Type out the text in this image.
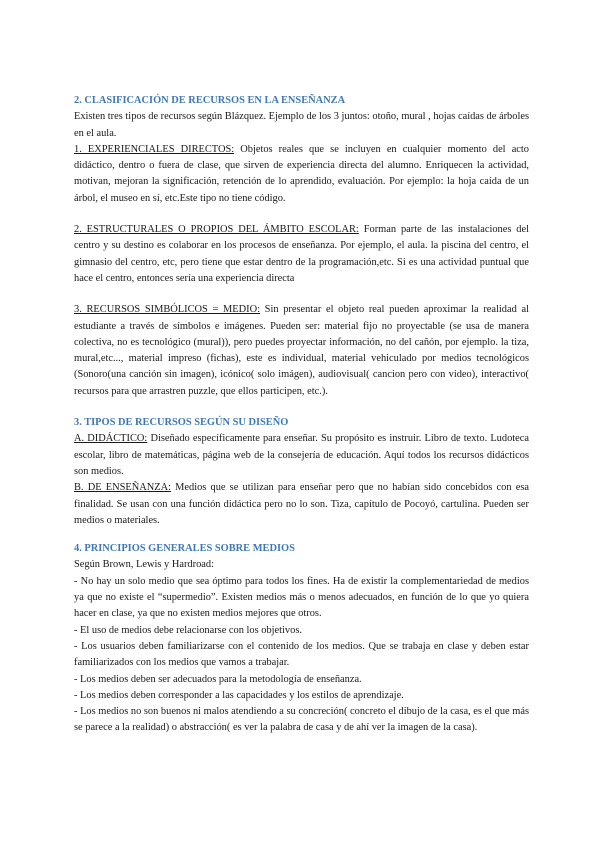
2. CLASIFICACIÓN DE RECURSOS EN LA ENSEÑANZA

Existen tres tipos de recursos según Blázquez. Ejemplo de los 3 juntos: otoño, mural , hojas caídas de árboles en el aula.

1. EXPERIENCIALES DIRECTOS: Objetos reales que se incluyen en cualquier momento del acto didáctico, dentro o fuera de clase, que sirven de experiencia directa del alumno. Enriquecen la actividad, motivan, mejoran la significación, retención de lo aprendido, evaluación. Por ejemplo: la hoja caída de un árbol, el museo en sí, etc.Este tipo no tiene código.

2. ESTRUCTURALES O PROPIOS DEL ÁMBITO ESCOLAR: Forman parte de las instalaciones del centro y su destino es colaborar en los procesos de enseñanza. Por ejemplo, el aula. la piscina del centro, el gimnasio del centro, etc, pero tiene que estar dentro de la programación,etc. Si es una actividad puntual que hace el centro, entonces sería una experiencia directa

3. RECURSOS SIMBÓLICOS = MEDIO: Sin presentar el objeto real pueden aproximar la realidad al estudiante a través de símbolos e imágenes. Pueden ser: material fijo no proyectable (se usa de manera colectiva, no es tecnológico (mural)), pero puedes proyectar información, no del cañón, por ejemplo. la tiza, mural,etc..., material impreso (fichas), este es individual, material vehiculado por medios tecnológicos (Sonoro(una canción sin imagen), icónico( solo imágen), audiovisual( cancion pero con video), interactivo( recursos para que arrastren puzzle, que ellos participen, etc.).

3. TIPOS DE RECURSOS SEGÚN SU DISEÑO

A. DIDÁCTICO: Diseñado específicamente para enseñar. Su propósito es instruir. Libro de texto. Ludoteca escolar, libro de matemáticas, página web de la consejería de educación. Aquí todos los recursos didácticos son medios.

B. DE ENSEÑANZA: Medios que se utilizan para enseñar pero que no habían sido concebidos con esa finalidad. Se usan con una función didáctica pero no lo son. Tiza, capítulo de Pocoyó, cartulina. Pueden ser medios o materiales.

4. PRINCIPIOS GENERALES SOBRE MEDIOS

Según Brown, Lewis y Hardroad:

- No hay un solo medio que sea óptimo para todos los fines. Ha de existir la complementariedad de medios ya que no existe el “supermedio”. Existen medios más o menos adecuados, en función de lo que yo quiera hacer en clase, ya que no existen medios mejores que otros.

- El uso de medios debe relacionarse con los objetivos.

- Los usuarios deben familiarizarse con el contenido de los medios. Que se trabaja en clase y deben estar familiarizados con los medios que vamos a trabajar.

- Los medios deben ser adecuados para la metodología de enseñanza.

- Los medios deben corresponder a las capacidades y los estilos de aprendizaje.

- Los medios no son buenos ni malos atendiendo a su concreción( concreto el dibujo de la casa, es el que más se parece a la realidad) o abstracción( es ver la palabra de casa y de ahí ver la imagen de la casa).
